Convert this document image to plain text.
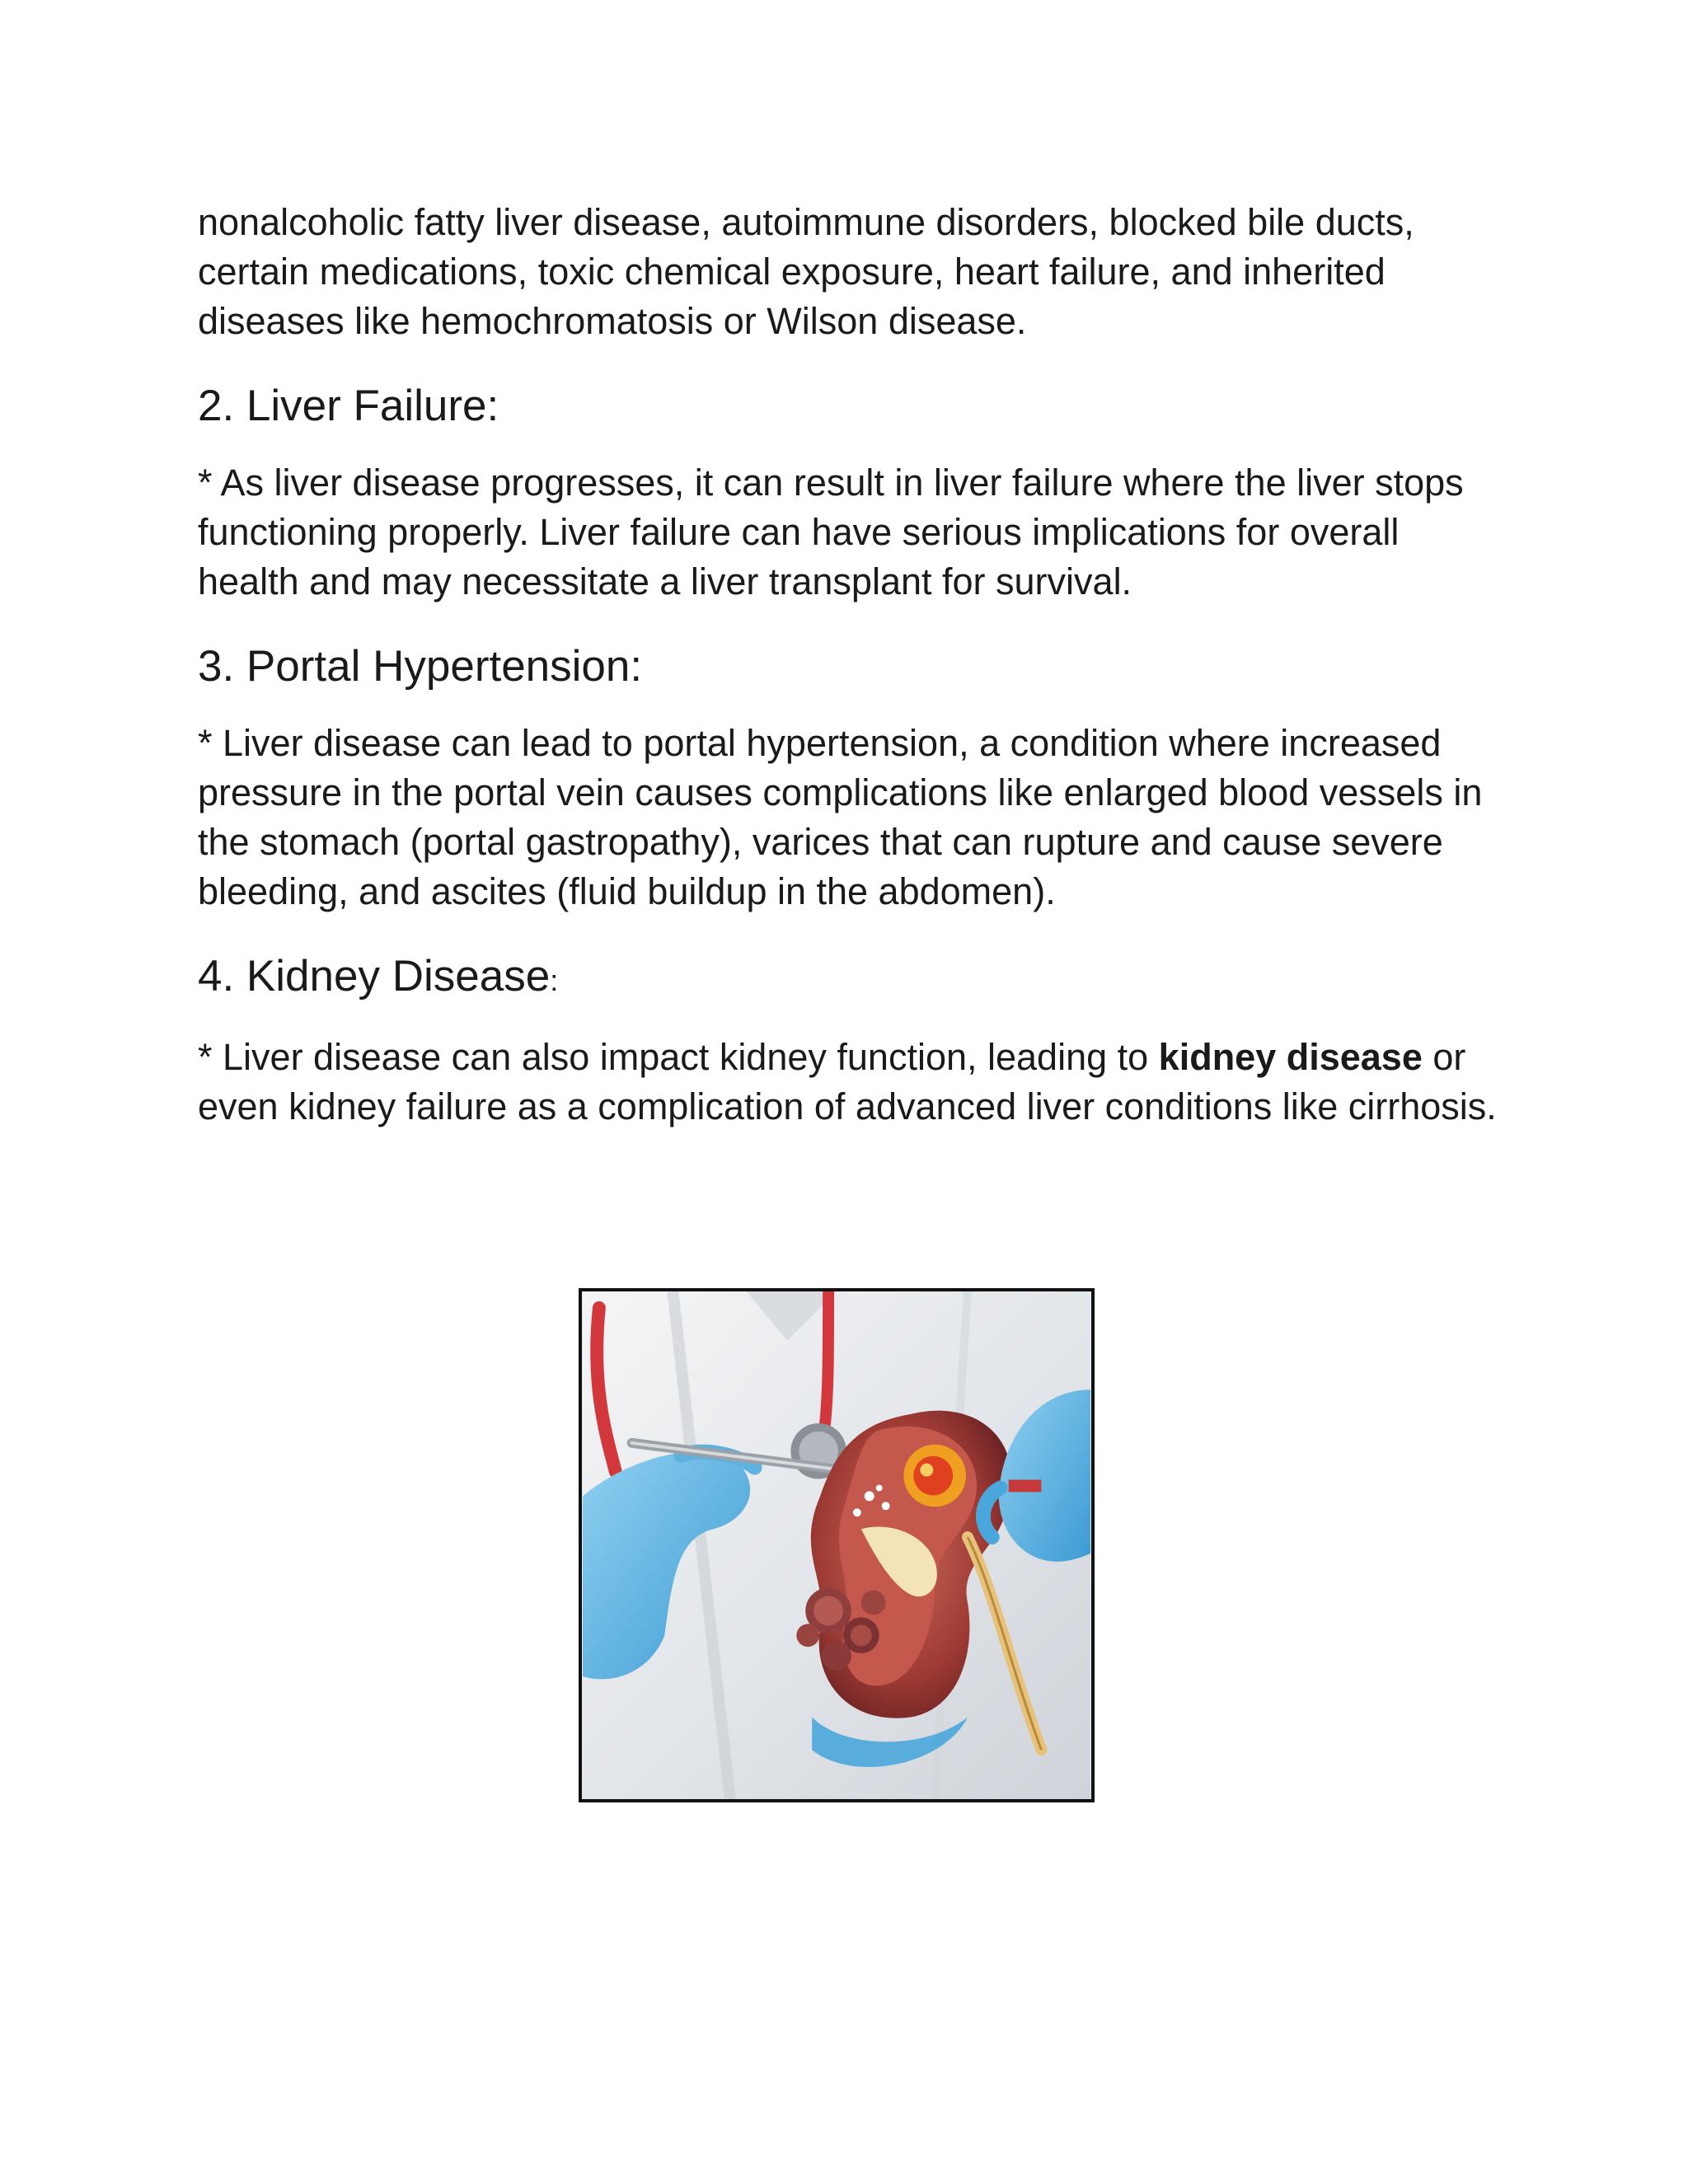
nonalcoholic fatty liver disease, autoimmune disorders, blocked bile ducts, certain medications, toxic chemical exposure, heart failure, and inherited diseases like hemochromatosis or Wilson disease.

2. Liver Failure:

* As liver disease progresses, it can result in liver failure where the liver stops functioning properly. Liver failure can have serious implications for overall health and may necessitate a liver transplant for survival.

3. Portal Hypertension:

* Liver disease can lead to portal hypertension, a condition where increased pressure in the portal vein causes complications like enlarged blood vessels in the stomach (portal gastropathy), varices that can rupture and cause severe bleeding, and ascites (fluid buildup in the abdomen).

4. Kidney Disease:

* Liver disease can also impact kidney function, leading to kidney disease or even kidney failure as a complication of advanced liver conditions like cirrhosis.
